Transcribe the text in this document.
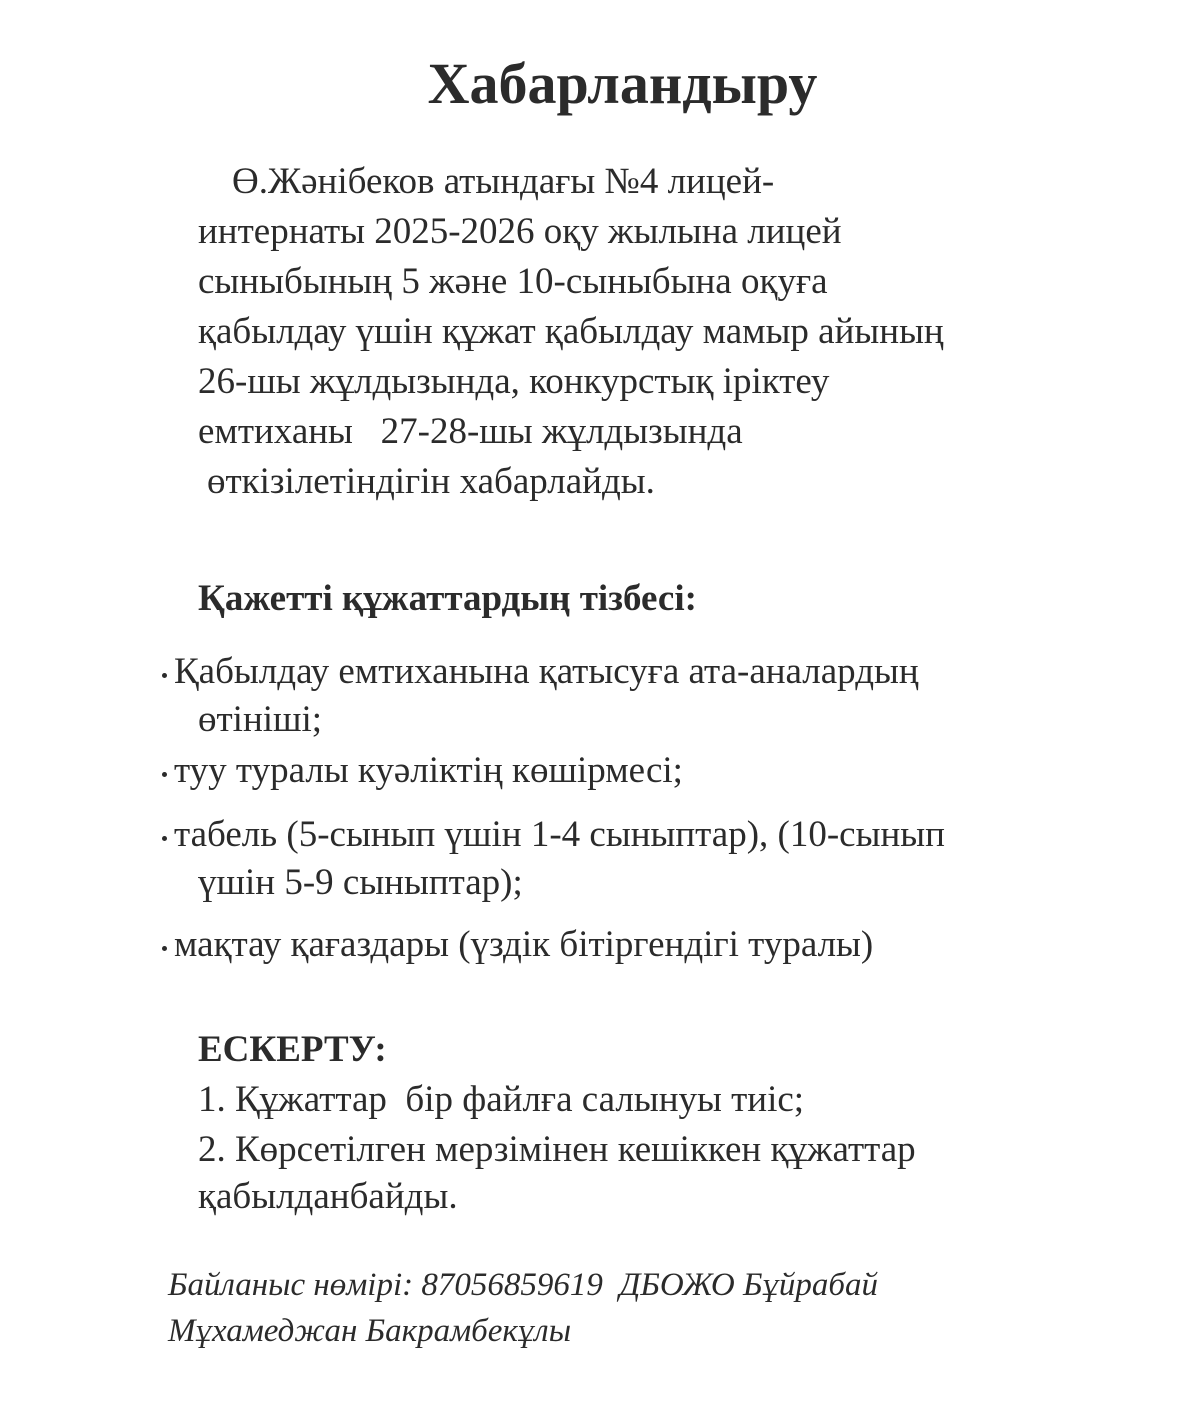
Хабарландыру
Ө.Жәнібеков атындағы №4 лицей-
интернаты 2025-2026 оқу жылына лицей
сыныбының 5 және 10-сыныбына оқуға
қабылдау үшін құжат қабылдау мамыр айының
26-шы жұлдызында, конкурстық іріктеу
емтиханы   27-28-шы жұлдызында
өткізілетіндігін хабарлайды.
Қажетті құжаттардың тізбесі:
Қабылдау емтиханына қатысуға ата-аналардың
өтініші;
туу туралы куәліктің көшірмесі;
табель (5-сынып үшін 1-4 сыныптар), (10-сынып
үшін 5-9 сыныптар);
мақтау қағаздары (үздік бітіргендігі туралы)
ЕСКЕРТУ:
1. Құжаттар  бір файлға салынуы тиіс;
2. Көрсетілген мерзімінен кешіккен құжаттар
қабылданбайды.
Байланыс нөмірі: 87056859619  ДБОЖО Бұйрабай
Мұхамеджан Бакрамбекұлы
